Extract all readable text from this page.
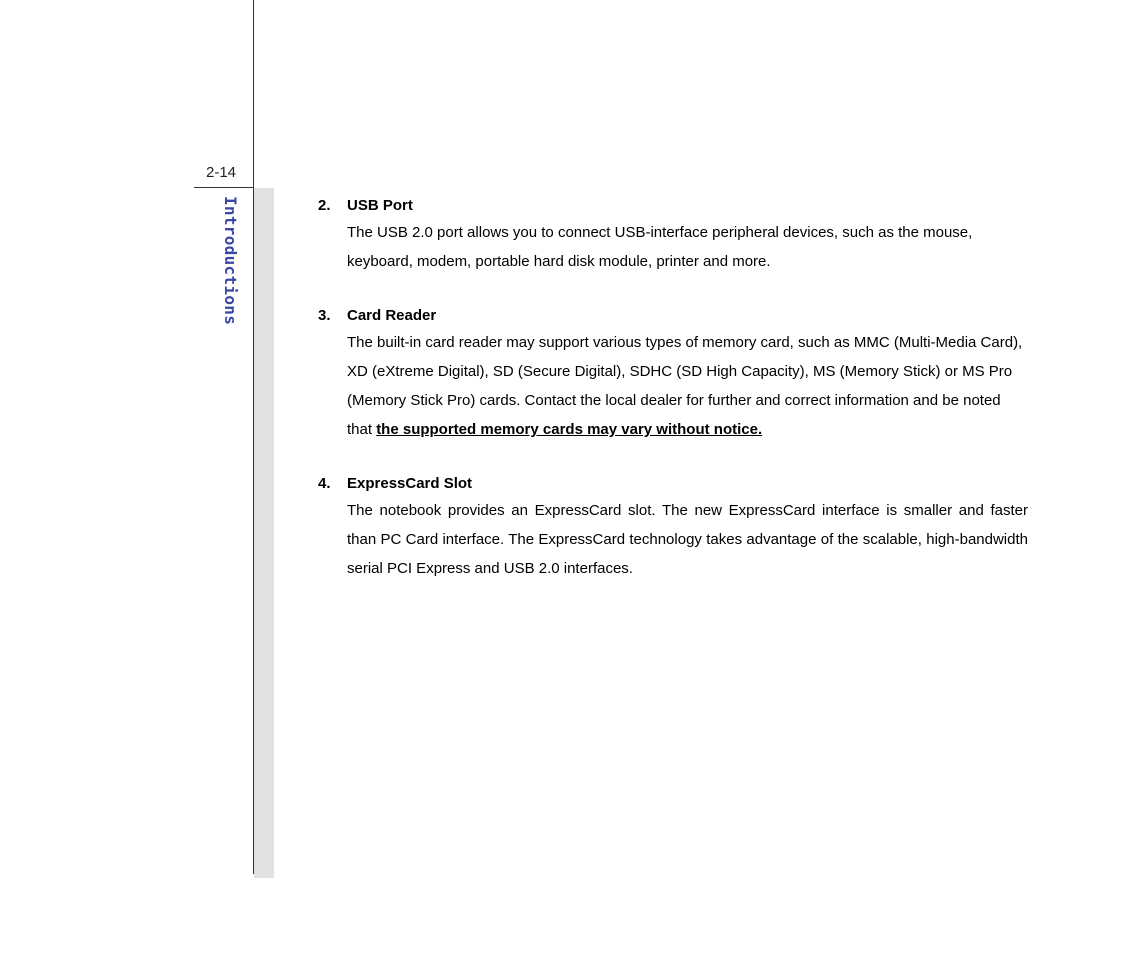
2-14
Introductions	2.	USB Port
The USB 2.0 port allows you to connect USB-interface peripheral devices, such as the mouse, keyboard, modem, portable hard disk module, printer and more.
3.	Card Reader
The built-in card reader may support various types of memory card, such as MMC (Multi-Media Card), XD (eXtreme Digital), SD (Secure Digital), SDHC (SD High Capacity), MS (Memory Stick) or MS Pro (Memory Stick Pro) cards. Contact the local dealer for further and correct information and be noted that the supported memory cards may vary without notice.
4.	ExpressCard Slot
The notebook provides an ExpressCard slot. The new ExpressCard interface is smaller and faster than PC Card interface. The ExpressCard technology takes advantage of the scalable, high-bandwidth serial PCI Express and USB 2.0 interfaces.
